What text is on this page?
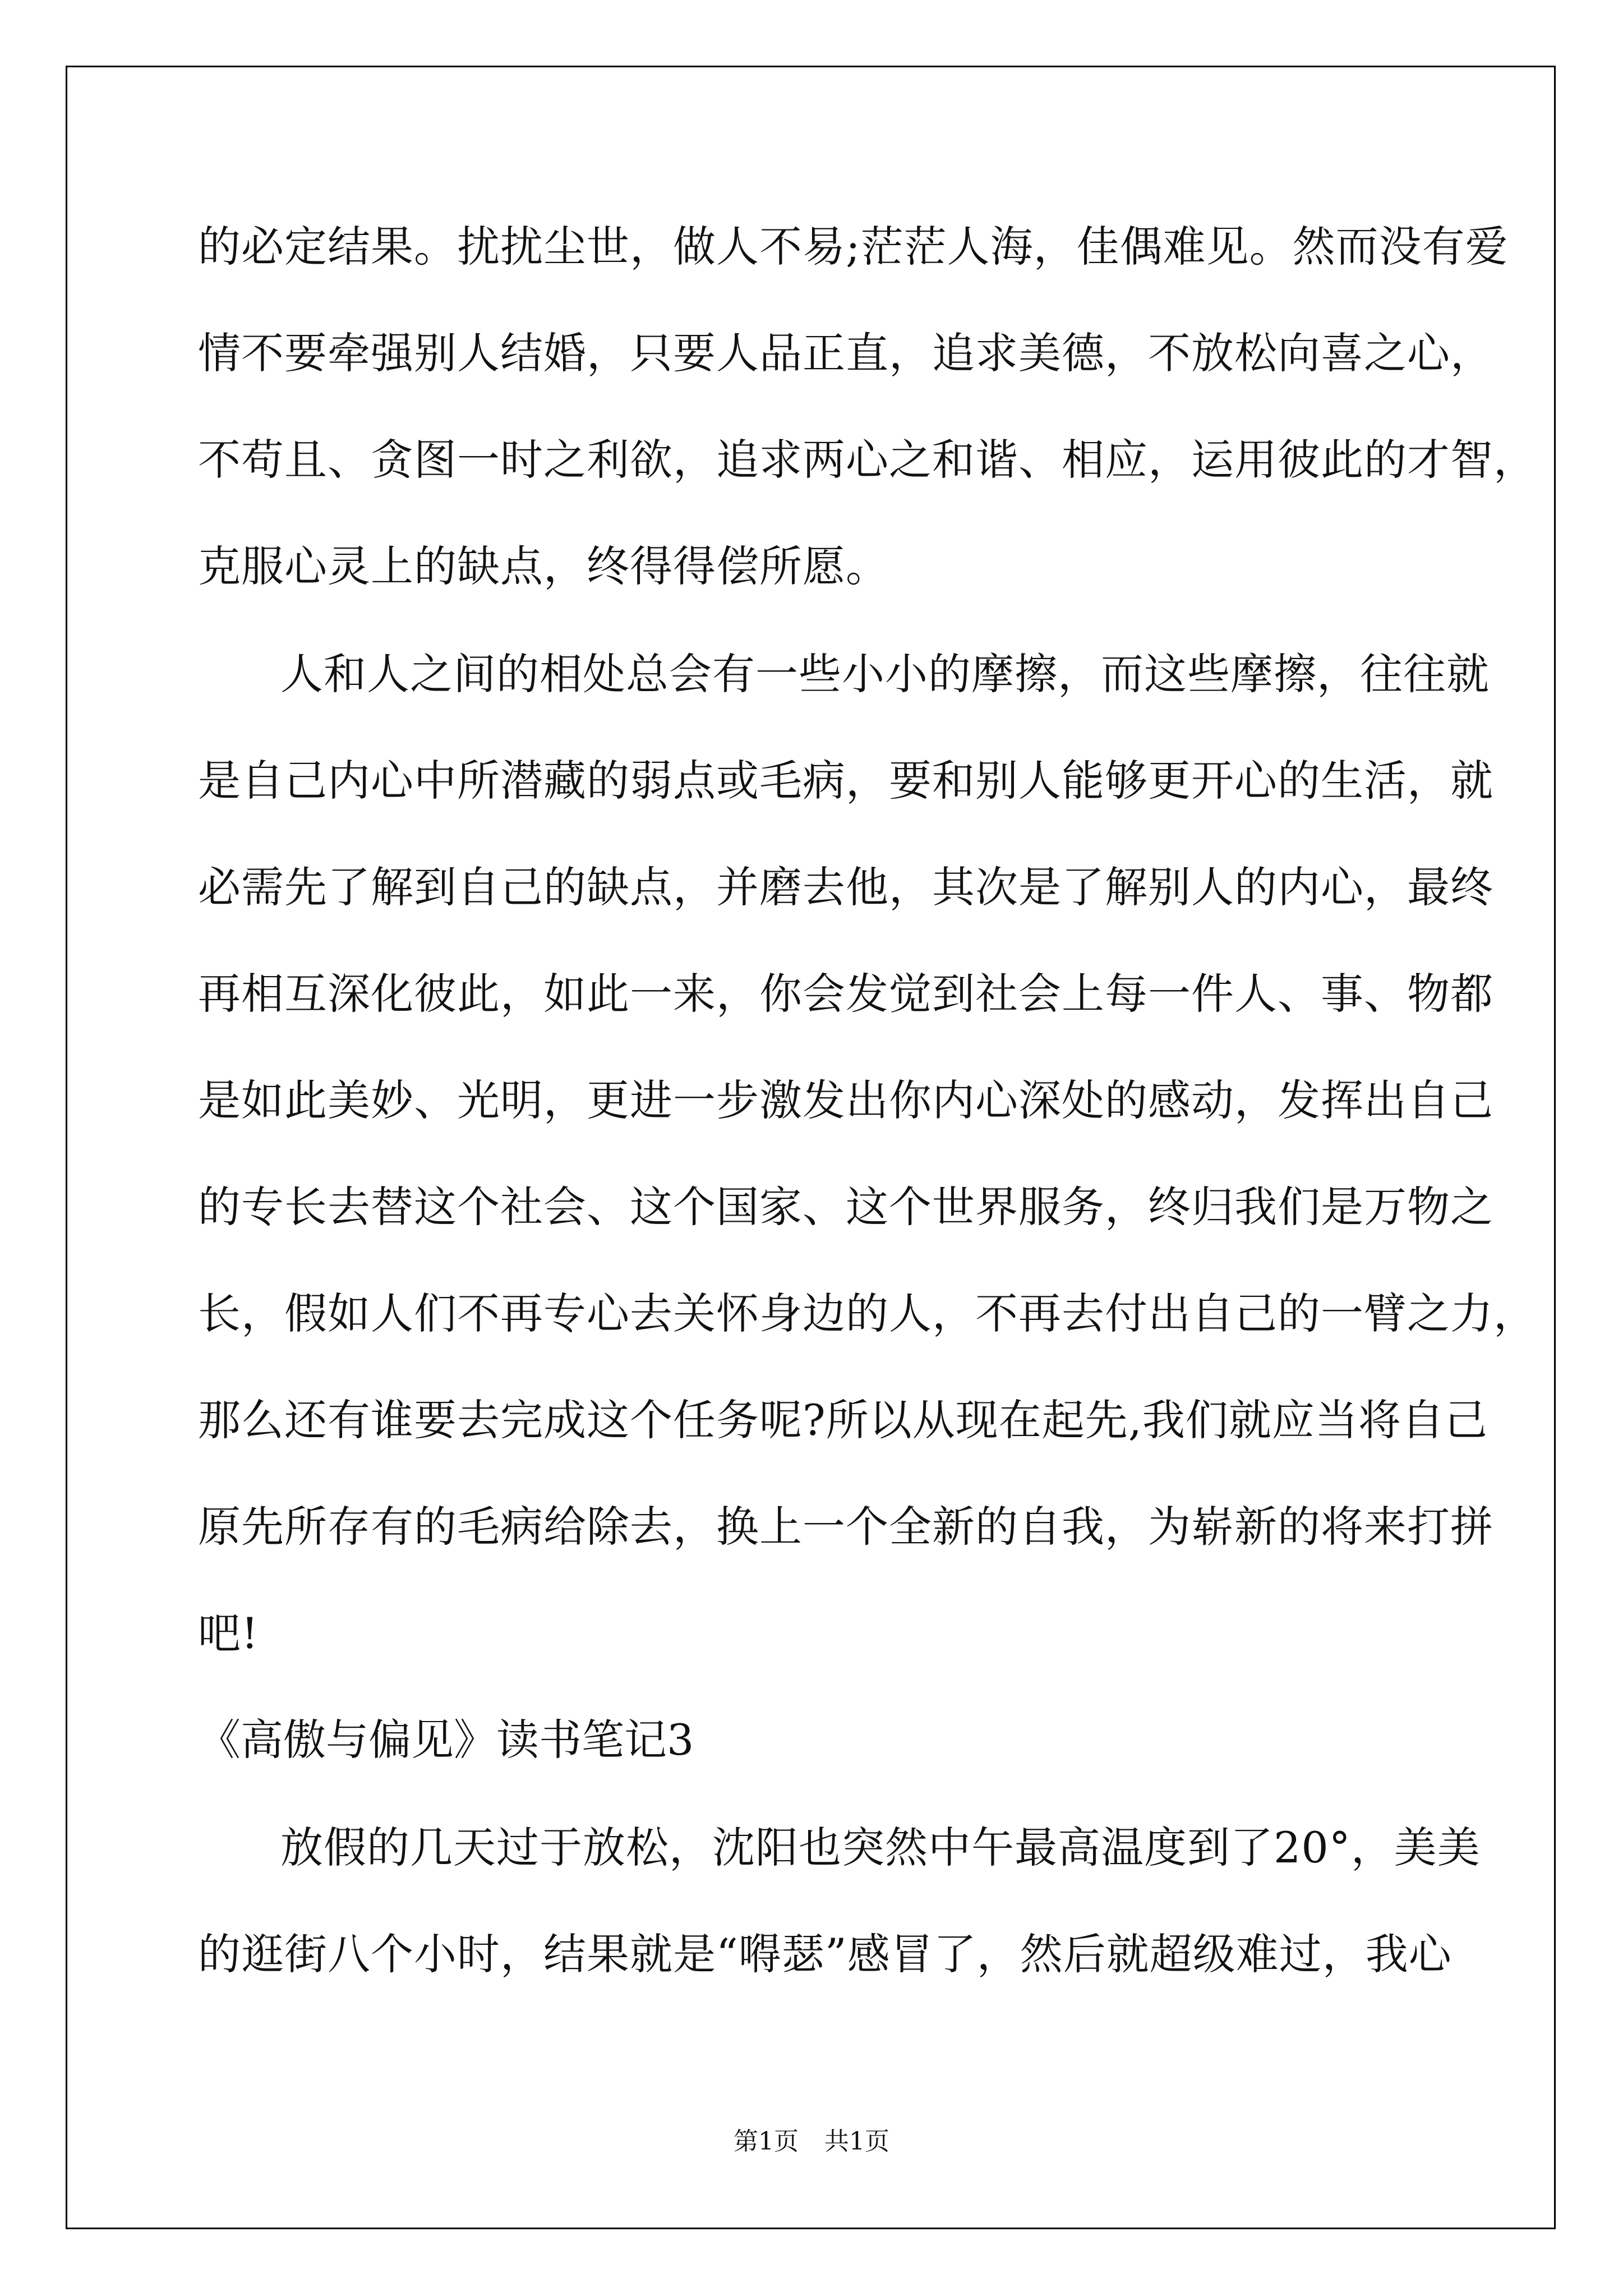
的必定结果。扰扰尘世，做人不易;茫茫人海，佳偶难见。然而没有爱
情不要牵强别人结婚，只要人品正直，追求美德，不放松向喜之心，
不苟且、贪图一时之利欲，追求两心之和谐、相应，运用彼此的才智，
克服心灵上的缺点，终得得偿所愿。
人和人之间的相处总会有一些小小的摩擦，而这些摩擦，往往就
是自己内心中所潜藏的弱点或毛病，要和别人能够更开心的生活，就
必需先了解到自己的缺点，并磨去他，其次是了解别人的内心，最终
再相互深化彼此，如此一来，你会发觉到社会上每一件人、事、物都
是如此美妙、光明，更进一步激发出你内心深处的感动，发挥出自己
的专长去替这个社会、这个国家、这个世界服务，终归我们是万物之
长，假如人们不再专心去关怀身边的人，不再去付出自己的一臂之力，
那么还有谁要去完成这个任务呢?所以从现在起先,我们就应当将自己
原先所存有的毛病给除去，换上一个全新的自我，为崭新的将来打拼
吧!
《高傲与偏见》读书笔记3
放假的几天过于放松，沈阳也突然中午最高温度到了20°，美美
的逛街八个小时，结果就是“嘚瑟”感冒了，然后就超级难过，我心
第1页 共1页
